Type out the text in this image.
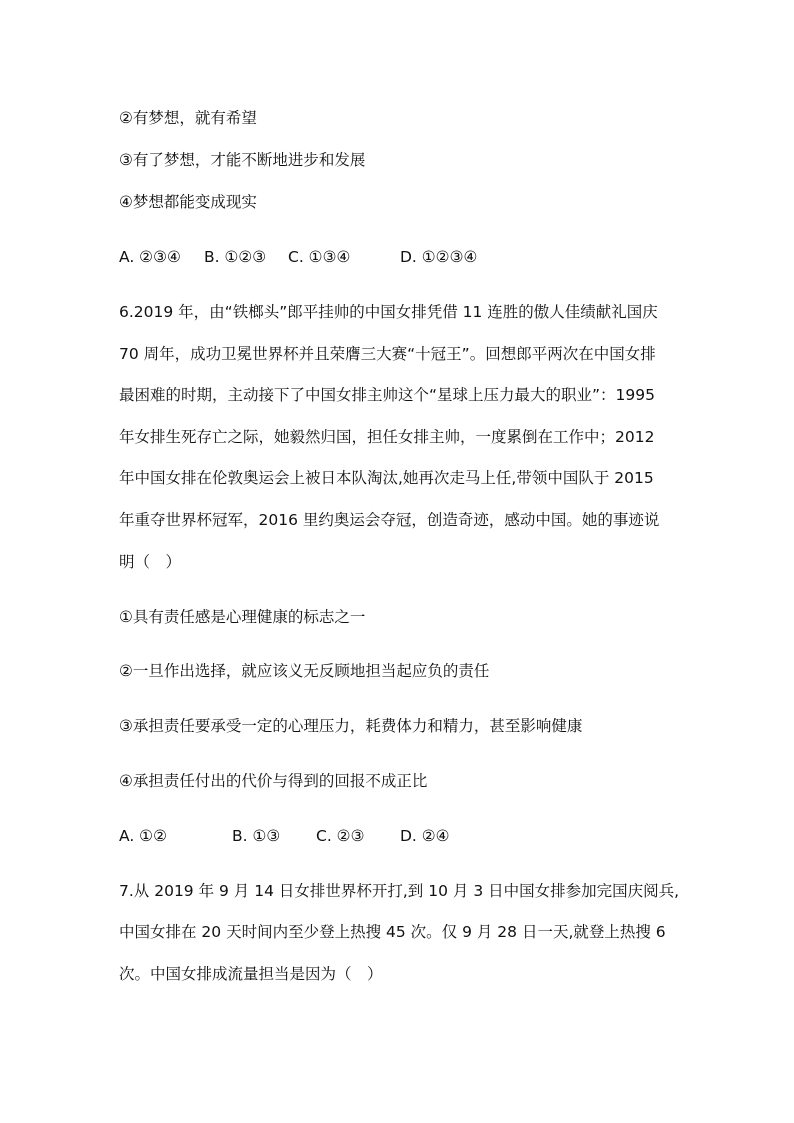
②有梦想，就有希望
③有了梦想，才能不断地进步和发展
④梦想都能变成现实
A. ②③④ B. ①②③ C. ①③④	D. ①②③④
6.2019 年，由“铁榔头”郎平挂帅的中国女排凭借 11 连胜的傲人佳绩献礼国庆
70 周年，成功卫冕世界杯并且荣膺三大赛“十冠王”。回想郎平两次在中国女排
最困难的时期，主动接下了中国女排主帅这个“星球上压力最大的职业”：1995
年女排生死存亡之际，她毅然归国，担任女排主帅，一度累倒在工作中；2012
年中国女排在伦敦奥运会上被日本队淘汰,她再次走马上任,带领中国队于 2015
年重夺世界杯冠军，2016 里约奥运会夺冠，创造奇迹，感动中国。她的事迹说
明（　）
①具有责任感是心理健康的标志之一
②一旦作出选择，就应该义无反顾地担当起应负的责任
③承担责任要承受一定的心理压力，耗费体力和精力，甚至影响健康
④承担责任付出的代价与得到的回报不成正比
A. ①②	B. ①③ C. ②③ D. ②④
7.从 2019 年 9 月 14 日女排世界杯开打,到 10 月 3 日中国女排参加完国庆阅兵,
中国女排在 20 天时间内至少登上热搜 45 次。仅 9 月 28 日一天,就登上热搜 6
次。中国女排成流量担当是因为（　）
